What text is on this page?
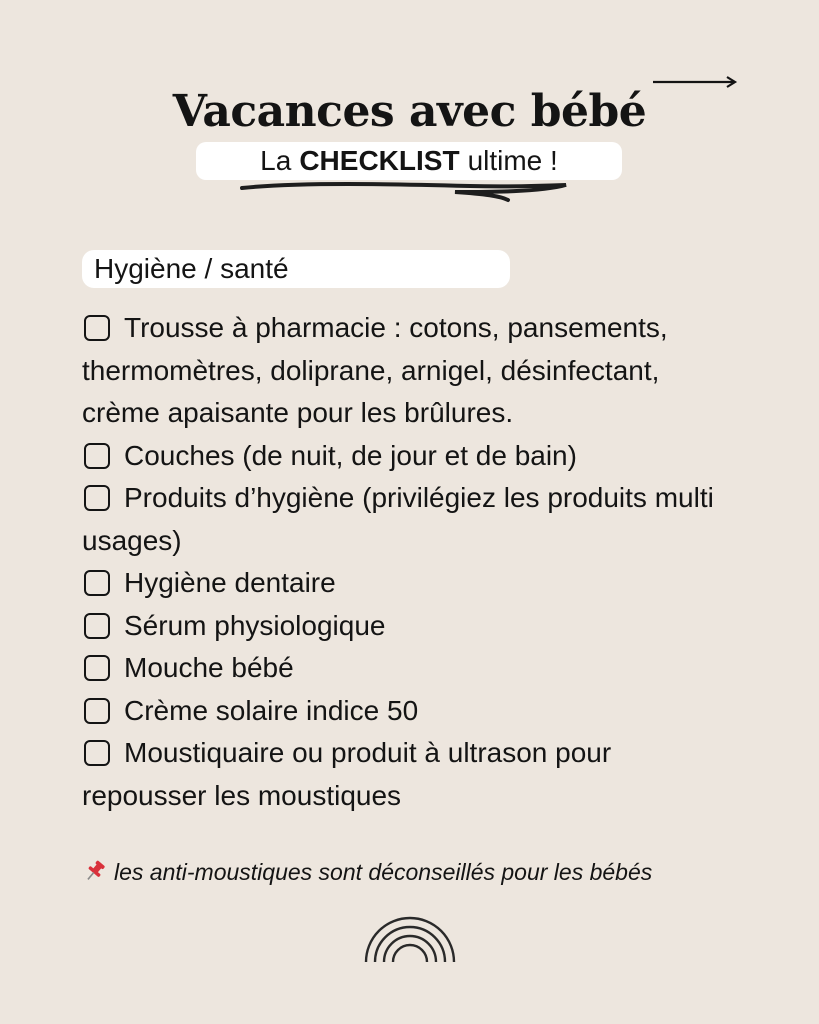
Vacances avec bébé
La CHECKLIST ultime !
Hygiène / santé
Trousse à pharmacie : cotons, pansements, thermomètres, doliprane, arnigel, désinfectant, crème apaisante pour les brûlures.
Couches (de nuit, de jour et de bain)
Produits d’hygiène (privilégiez les produits multi usages)
Hygiène dentaire
Sérum physiologique
Mouche bébé
Crème solaire indice 50
Moustiquaire ou produit à ultrason pour repousser les moustiques
les anti-moustiques sont déconseillés pour les bébés
